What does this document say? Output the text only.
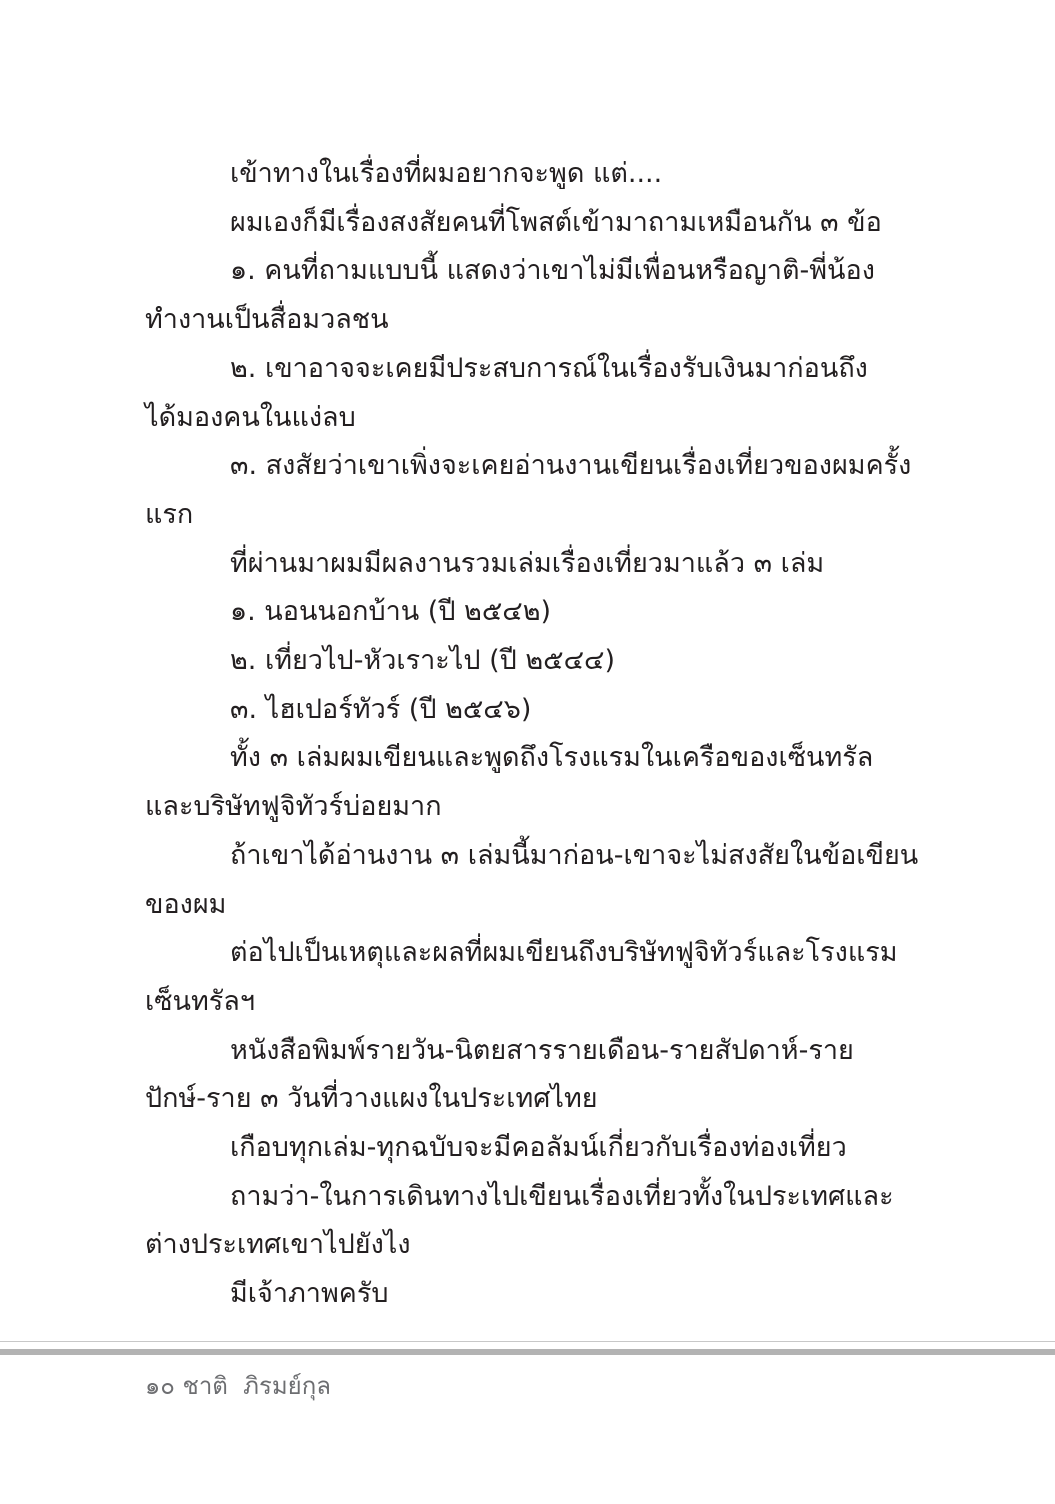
เข้าทางในเรื่องที่ผมอยากจะพูด แต่....

ผมเองก็มีเรื่องสงสัยคนที่โพสต์เข้ามาถามเหมือนกัน ๓ ข้อ

๑. คนที่ถามแบบนี้ แสดงว่าเขาไม่มีเพื่อนหรือญาติ-พี่น้อง

ทำงานเป็นสื่อมวลชน

๒. เขาอาจจะเคยมีประสบการณ์ในเรื่องรับเงินมาก่อนถึง

ได้มองคนในแง่ลบ

๓. สงสัยว่าเขาเพิ่งจะเคยอ่านงานเขียนเรื่องเที่ยวของผมครั้ง

แรก

ที่ผ่านมาผมมีผลงานรวมเล่มเรื่องเที่ยวมาแล้ว ๓ เล่ม

๑. นอนนอกบ้าน (ปี ๒๕๔๒)

๒. เที่ยวไป-หัวเราะไป (ปี ๒๕๔๔)

๓. ไฮเปอร์ทัวร์ (ปี ๒๕๔๖)

ทั้ง ๓ เล่มผมเขียนและพูดถึงโรงแรมในเครือของเซ็นทรัล

และบริษัทฟูจิทัวร์บ่อยมาก

ถ้าเขาได้อ่านงาน ๓ เล่มนี้มาก่อน-เขาจะไม่สงสัยในข้อเขียน

ของผม

ต่อไปเป็นเหตุและผลที่ผมเขียนถึงบริษัทฟูจิทัวร์และโรงแรม

เซ็นทรัลฯ

หนังสือพิมพ์รายวัน-นิตยสารรายเดือน-รายสัปดาห์-ราย

ปักษ์-ราย ๓ วันที่วางแผงในประเทศไทย

เกือบทุกเล่ม-ทุกฉบับจะมีคอลัมน์เกี่ยวกับเรื่องท่องเที่ยว

ถามว่า-ในการเดินทางไปเขียนเรื่องเที่ยวทั้งในประเทศและ

ต่างประเทศเขาไปยังไง

มีเจ้าภาพครับ

๑๐ ชาติ  ภิรมย์กุล
